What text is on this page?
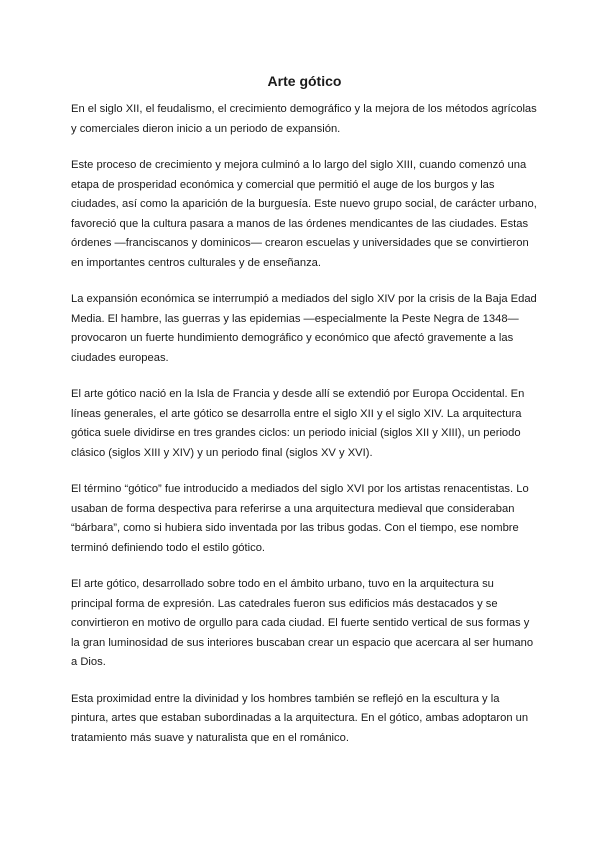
Arte gótico

En el siglo XII, el feudalismo, el crecimiento demográfico y la mejora de los métodos agrícolas y comerciales dieron inicio a un periodo de expansión.

Este proceso de crecimiento y mejora culminó a lo largo del siglo XIII, cuando comenzó una etapa de prosperidad económica y comercial que permitió el auge de los burgos y las ciudades, así como la aparición de la burguesía. Este nuevo grupo social, de carácter urbano, favoreció que la cultura pasara a manos de las órdenes mendicantes de las ciudades. Estas órdenes —franciscanos y dominicos— crearon escuelas y universidades que se convirtieron en importantes centros culturales y de enseñanza.

La expansión económica se interrumpió a mediados del siglo XIV por la crisis de la Baja Edad Media. El hambre, las guerras y las epidemias —especialmente la Peste Negra de 1348— provocaron un fuerte hundimiento demográfico y económico que afectó gravemente a las ciudades europeas.

El arte gótico nació en la Isla de Francia y desde allí se extendió por Europa Occidental. En líneas generales, el arte gótico se desarrolla entre el siglo XII y el siglo XIV. La arquitectura gótica suele dividirse en tres grandes ciclos: un periodo inicial (siglos XII y XIII), un periodo clásico (siglos XIII y XIV) y un periodo final (siglos XV y XVI).

El término “gótico” fue introducido a mediados del siglo XVI por los artistas renacentistas. Lo usaban de forma despectiva para referirse a una arquitectura medieval que consideraban “bárbara”, como si hubiera sido inventada por las tribus godas. Con el tiempo, ese nombre terminó definiendo todo el estilo gótico.

El arte gótico, desarrollado sobre todo en el ámbito urbano, tuvo en la arquitectura su principal forma de expresión. Las catedrales fueron sus edificios más destacados y se convirtieron en motivo de orgullo para cada ciudad. El fuerte sentido vertical de sus formas y la gran luminosidad de sus interiores buscaban crear un espacio que acercara al ser humano a Dios.

Esta proximidad entre la divinidad y los hombres también se reflejó en la escultura y la pintura, artes que estaban subordinadas a la arquitectura. En el gótico, ambas adoptaron un tratamiento más suave y naturalista que en el románico.
